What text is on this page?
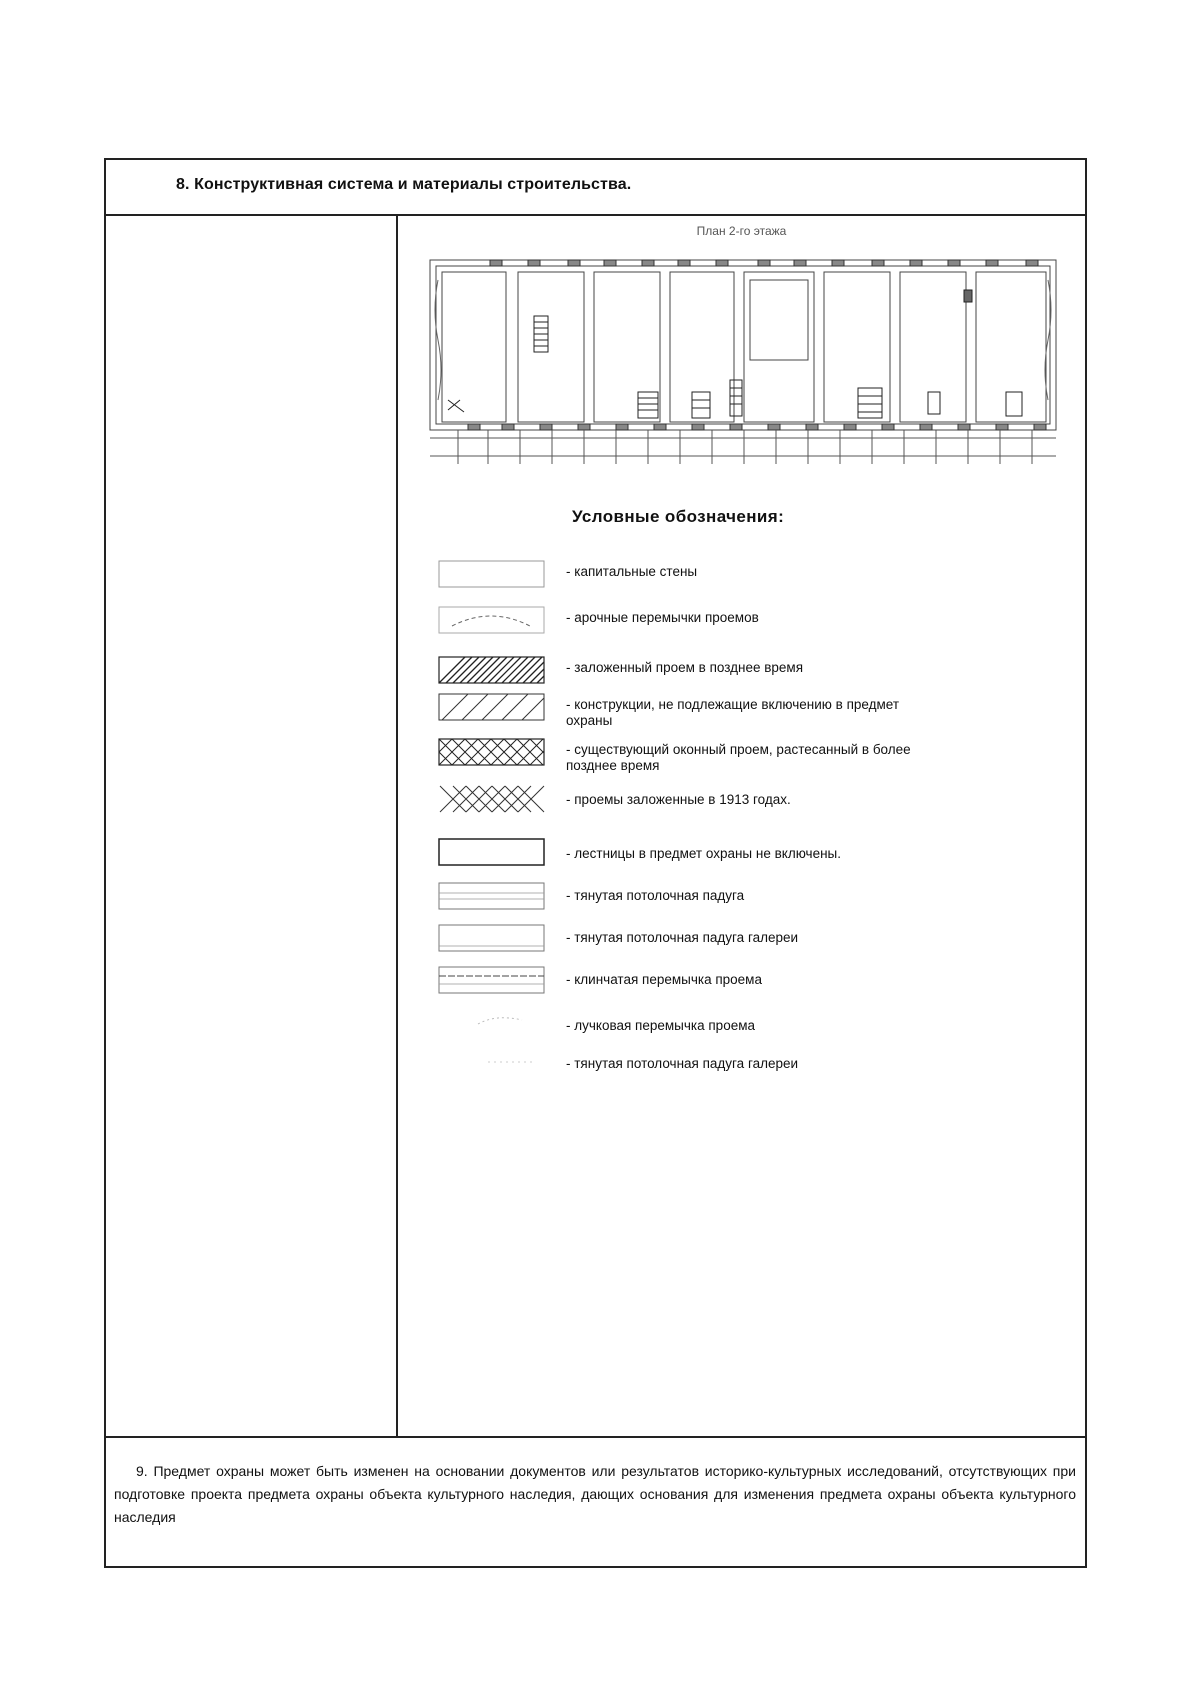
8. Конструктивная система и материалы строительства.
План 2-го этажа
Условные обозначения:
- капитальные стены
- арочные перемычки проемов
- заложенный проем в позднее время
- конструкции, не подлежащие включению в предмет охраны
- существующий оконный проем, растесанный в более позднее время
- проемы заложенные в 1913 годах.
- лестницы в предмет охраны не включены.
- тянутая потолочная падуга
- тянутая потолочная падуга галереи
- клинчатая перемычка проема
- лучковая перемычка проема
- тянутая потолочная падуга галереи
9. Предмет охраны может быть изменен на основании документов или результатов историко-культурных исследований, отсутствующих при подготовке проекта предмета охраны объекта культурного наследия, дающих основания для изменения предмета охраны объекта культурного наследия
